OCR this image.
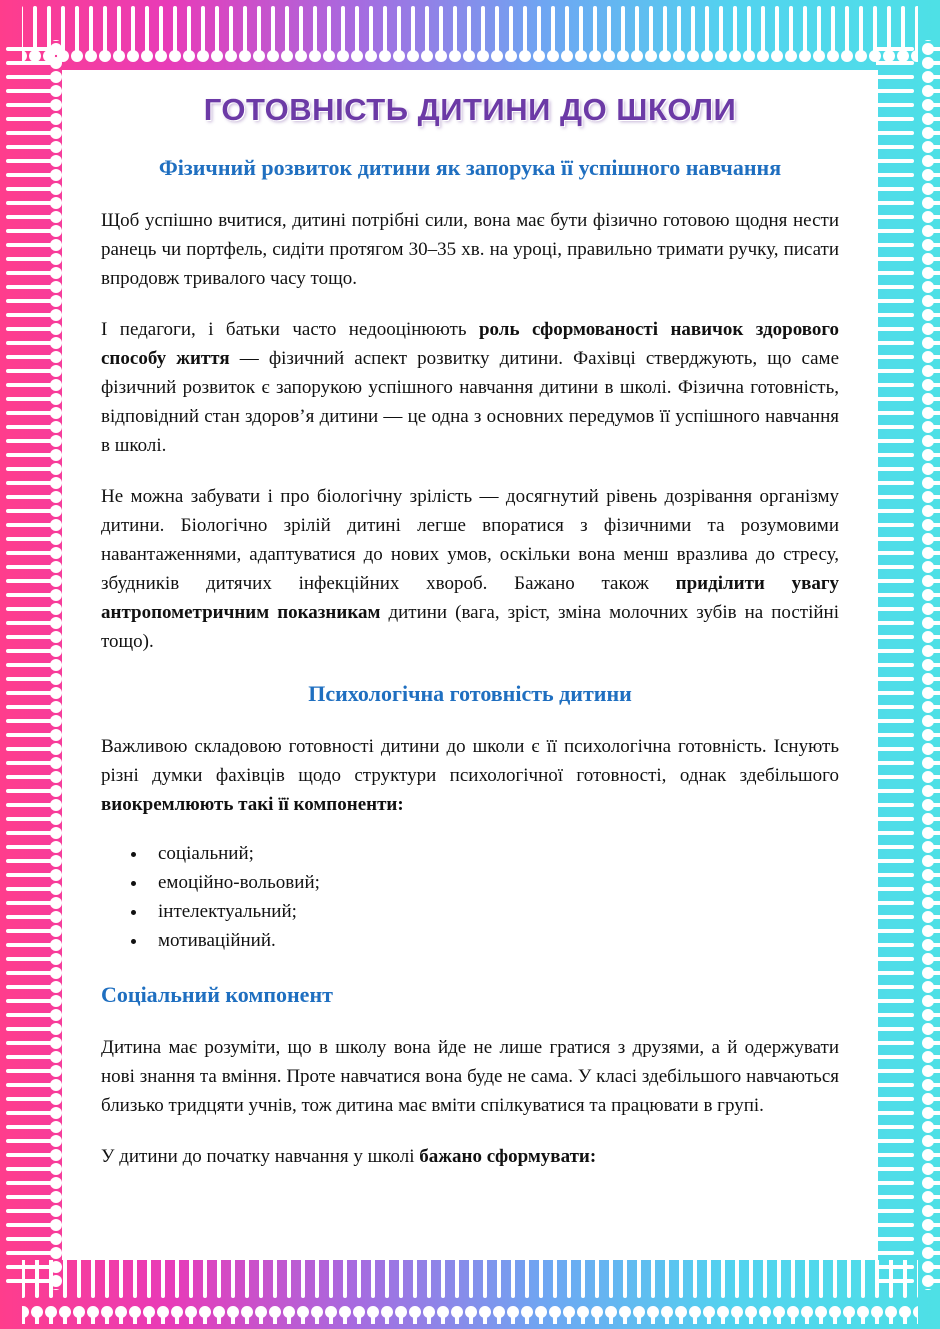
ГОТОВНІСТЬ ДИТИНИ ДО ШКОЛИ
Фізичний розвиток дитини як запорука її успішного навчання

Щоб успішно вчитися, дитині потрібні сили, вона має бути фізично готовою щодня нести ранець чи портфель, сидіти протягом 30–35 хв. на уроці, правильно тримати ручку, писати впродовж тривалого часу тощо.

І педагоги, і батьки часто недооцінюють роль сформованості навичок здорового способу життя — фізичний аспект розвитку дитини. Фахівці стверджують, що саме фізичний розвиток є запорукою успішного навчання дитини в школі. Фізична готовність, відповідний стан здоров’я дитини — це одна з основних передумов її успішного навчання в школі.

Не можна забувати і про біологічну зрілість — досягнутий рівень дозрівання організму дитини. Біологічно зрілій дитині легше впоратися з фізичними та розумовими навантаженнями, адаптуватися до нових умов, оскільки вона менш вразлива до стресу, збудників дитячих інфекційних хвороб. Бажано також приділити увагу антропометричним показникам дитини (вага, зріст, зміна молочних зубів на постійні тощо).

Психологічна готовність дитини

Важливою складовою готовності дитини до школи є її психологічна готовність. Існують різні думки фахівців щодо структури психологічної готовності, однак здебільшого виокремлюють такі її компоненти:

соціальний;
емоційно-вольовий;
інтелектуальний;
мотиваційний.
Соціальний компонент

Дитина має розуміти, що в школу вона йде не лише гратися з друзями, а й одержувати нові знання та вміння. Проте навчатися вона буде не сама. У класі здебільшого навчаються близько тридцяти учнів, тож дитина має вміти спілкуватися та працювати в групі.

У дитини до початку навчання у школі бажано сформувати:
